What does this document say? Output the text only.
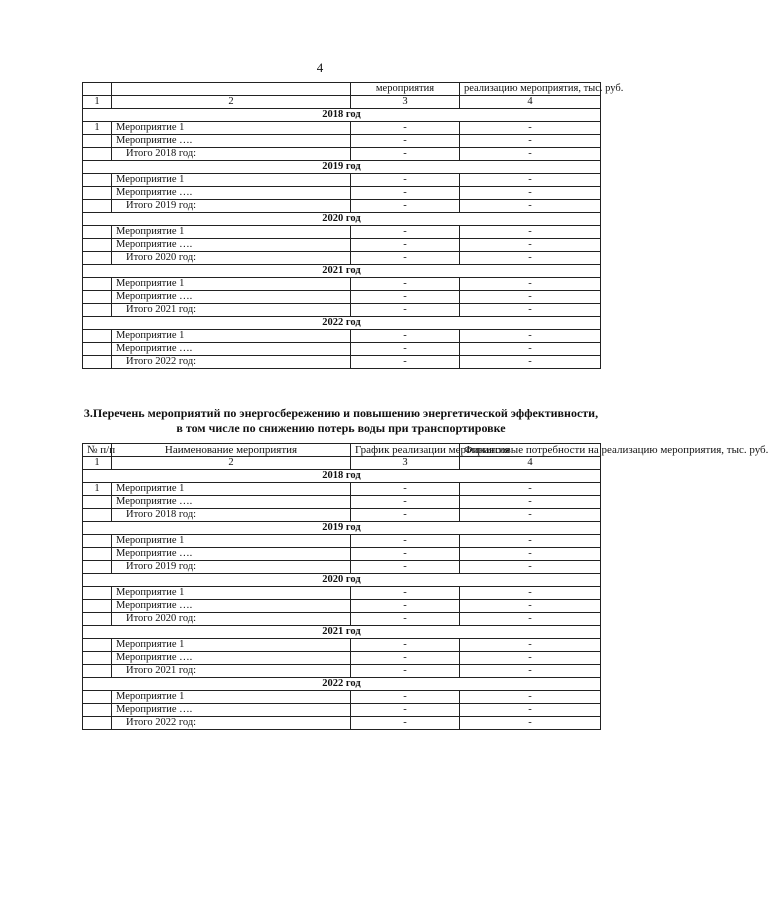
4
		мероприятия	реализацию мероприятия, тыс. руб.
1	2	3	4
2018 год			
1	Мероприятие 1	-	-
	Мероприятие ….	-	-
	Итого 2018 год:	-	-
2019 год			
	Мероприятие 1	-	-
	Мероприятие ….	-	-
	Итого 2019 год:	-	-
2020 год			
	Мероприятие 1	-	-
	Мероприятие ….	-	-
	Итого 2020 год:	-	-
2021 год			
	Мероприятие 1	-	-
	Мероприятие ….	-	-
	Итого 2021 год:	-	-
2022 год			
	Мероприятие 1	-	-
	Мероприятие ….	-	-
	Итого 2022 год:	-	-
3.Перечень мероприятий по энергосбережению и повышению энергетической эффективности, в том числе по снижению потерь воды при транспортировке
№ п/п	Наименование мероприятия	График реализации мероприятия	Финансовые потребности на реализацию мероприятия, тыс. руб.
1	2	3	4
2018 год			
1	Мероприятие 1	-	-
	Мероприятие ….	-	-
	Итого 2018 год:	-	-
2019 год			
	Мероприятие 1	-	-
	Мероприятие ….	-	-
	Итого 2019 год:	-	-
2020 год			
	Мероприятие 1	-	-
	Мероприятие ….	-	-
	Итого 2020 год:	-	-
2021 год			
	Мероприятие 1	-	-
	Мероприятие ….	-	-
	Итого 2021 год:	-	-
2022 год			
	Мероприятие 1	-	-
	Мероприятие ….	-	-
	Итого 2022 год:	-	-
